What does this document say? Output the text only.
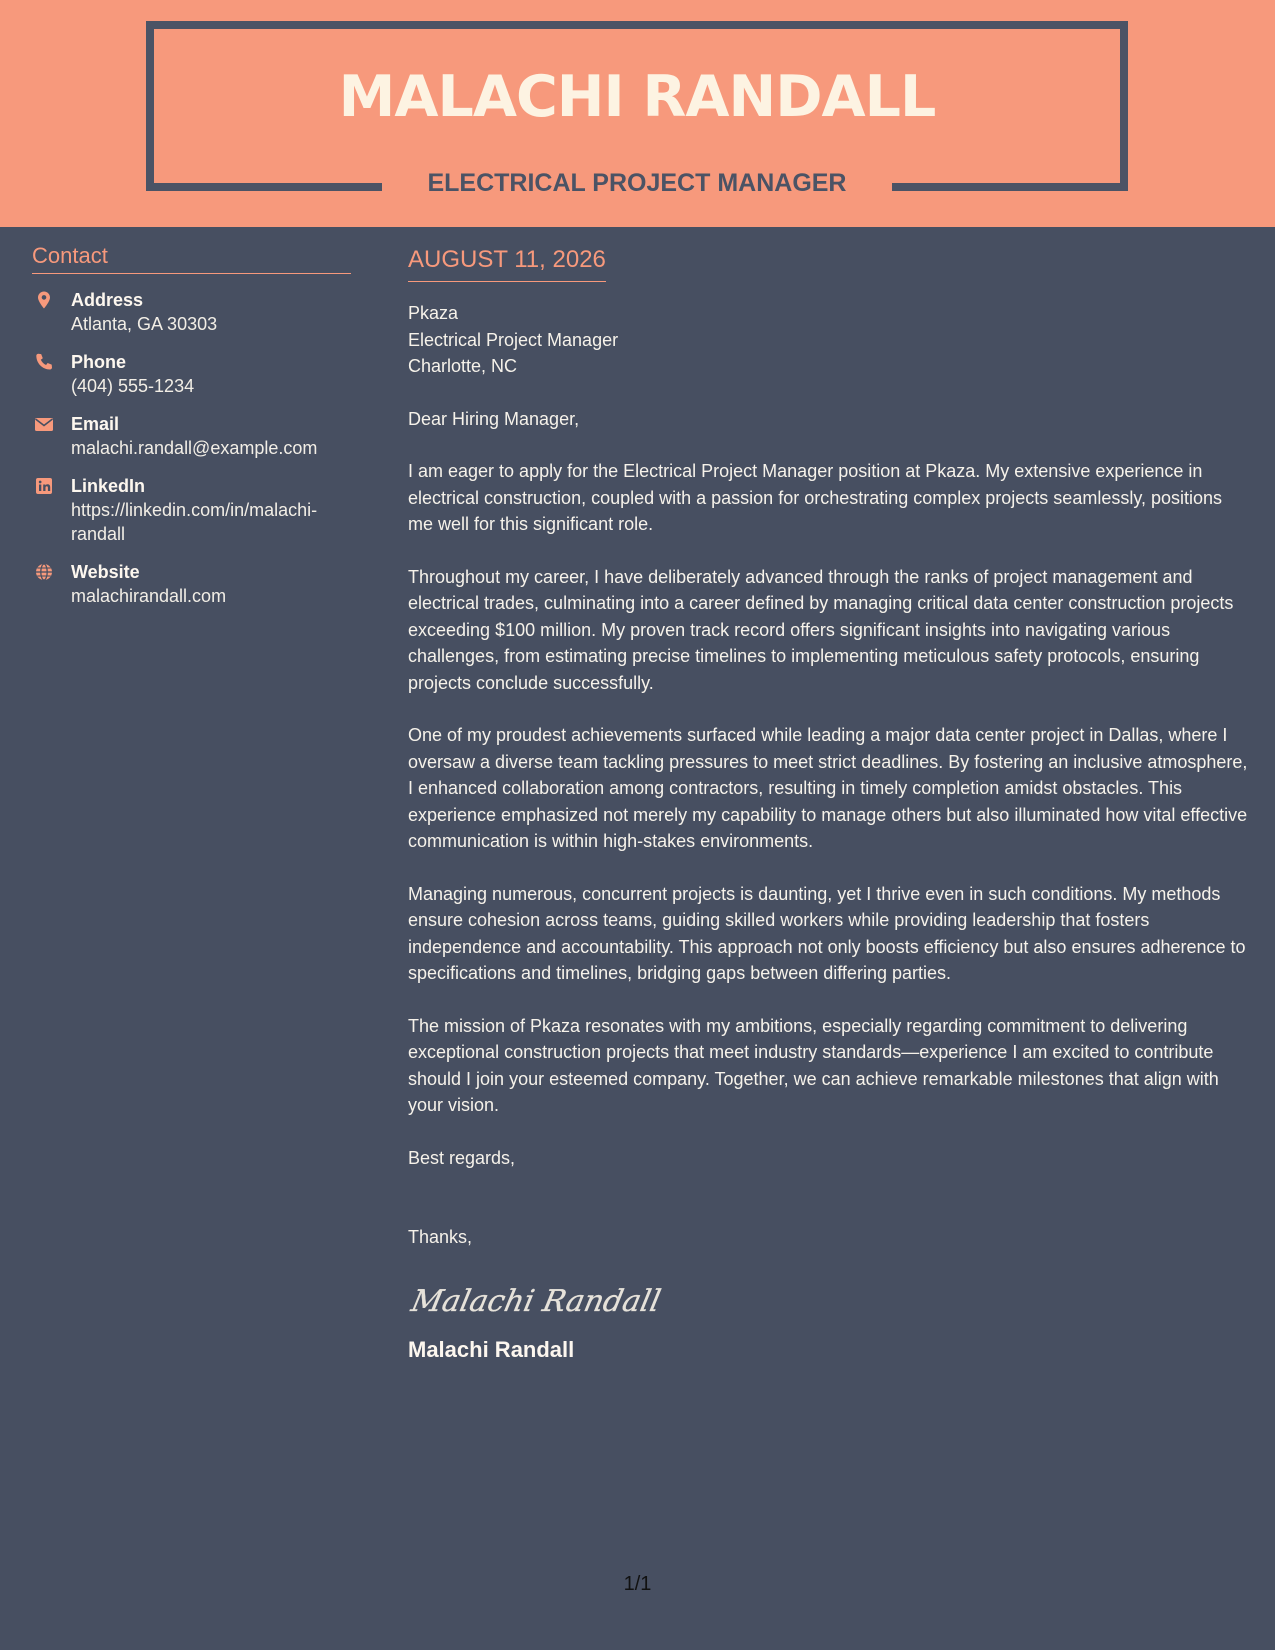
MALACHI RANDALL
ELECTRICAL PROJECT MANAGER
Contact
Address
Atlanta, GA 30303
Phone
(404) 555-1234
Email
malachi.randall@example.com
LinkedIn
https://linkedin.com/in/malachi-randall
Website
malachirandall.com
AUGUST 11, 2026
Pkaza
Electrical Project Manager
Charlotte, NC

Dear Hiring Manager,

I am eager to apply for the Electrical Project Manager position at Pkaza. My extensive experience in electrical construction, coupled with a passion for orchestrating complex projects seamlessly, positions me well for this significant role.

Throughout my career, I have deliberately advanced through the ranks of project management and electrical trades, culminating into a career defined by managing critical data center construction projects exceeding $100 million. My proven track record offers significant insights into navigating various challenges, from estimating precise timelines to implementing meticulous safety protocols, ensuring projects conclude successfully.

One of my proudest achievements surfaced while leading a major data center project in Dallas, where I oversaw a diverse team tackling pressures to meet strict deadlines. By fostering an inclusive atmosphere, I enhanced collaboration among contractors, resulting in timely completion amidst obstacles. This experience emphasized not merely my capability to manage others but also illuminated how vital effective communication is within high-stakes environments.

Managing numerous, concurrent projects is daunting, yet I thrive even in such conditions. My methods ensure cohesion across teams, guiding skilled workers while providing leadership that fosters independence and accountability. This approach not only boosts efficiency but also ensures adherence to specifications and timelines, bridging gaps between differing parties.

The mission of Pkaza resonates with my ambitions, especially regarding commitment to delivering exceptional construction projects that meet industry standards—experience I am excited to contribute should I join your esteemed company. Together, we can achieve remarkable milestones that align with your vision.

Best regards,

Thanks,

Malachi Randall
Malachi Randall
1/1
